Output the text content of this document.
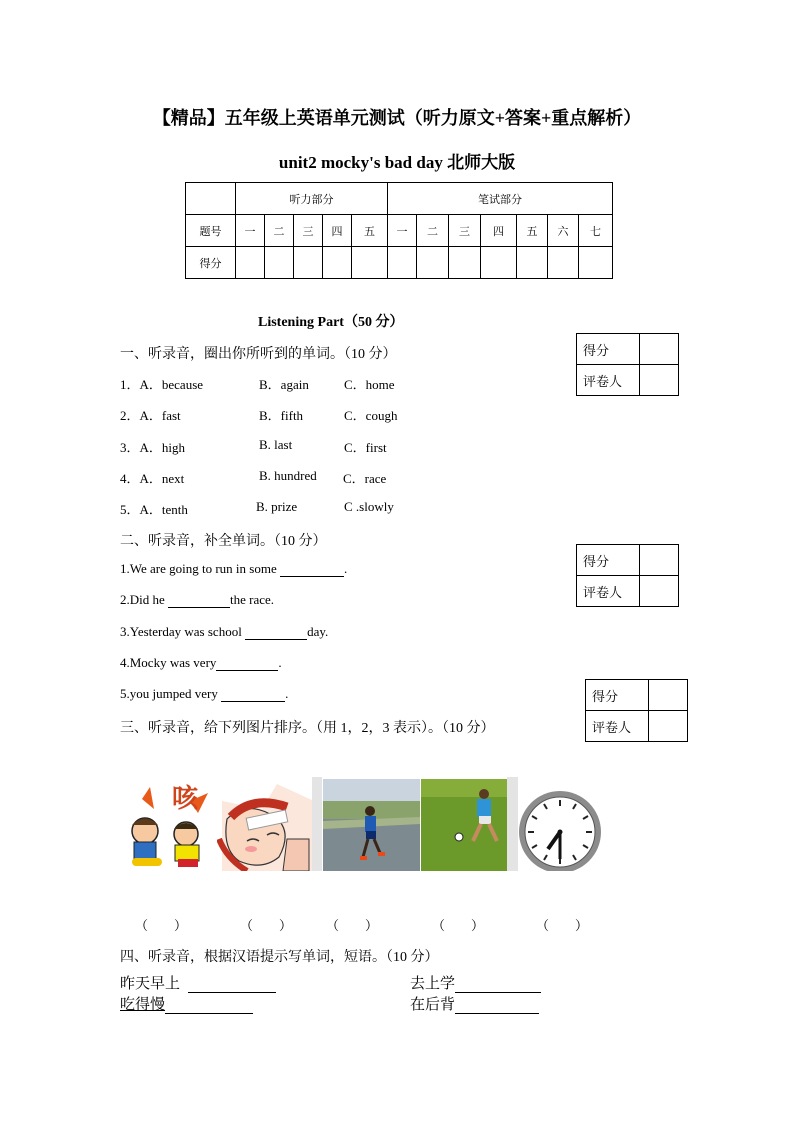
【精品】五年级上英语单元测试（听力原文+答案+重点解析）
unit2 mocky's bad day 北师大版
	听力部分					笔试部分						
题号	一	二	三	四	五	一	二	三	四	五	六	七
得分												
Listening Part（50 分）
得分	
评卷人	
一、听录音，圈出你所听到的单词。（10 分）
1．A．because	B．again	C．home
2．A．fast	B．fifth	C．cough
3．A．high	B. last	C．first
4．A．next	B. hundred C．race
5．A．tenth	B. prize	C .slowly
二、听录音，补全单词。（10 分）
得分	
评卷人	
1.We are going to run in some	.
2.Did he	the race.
3.Yesterday was school	day.
4.Mocky was very	.
5.you jumped very	.	得分	
评卷人	
三、听录音，给下列图片排序。（用 1，2，3 表示）。（10 分）
咳
（　　）	（　　）	（　　）	（　　）	（　　）
四、听录音，根据汉语提示写单词，短语。（10 分）
昨天早上	去上学
吃得慢	在后背
